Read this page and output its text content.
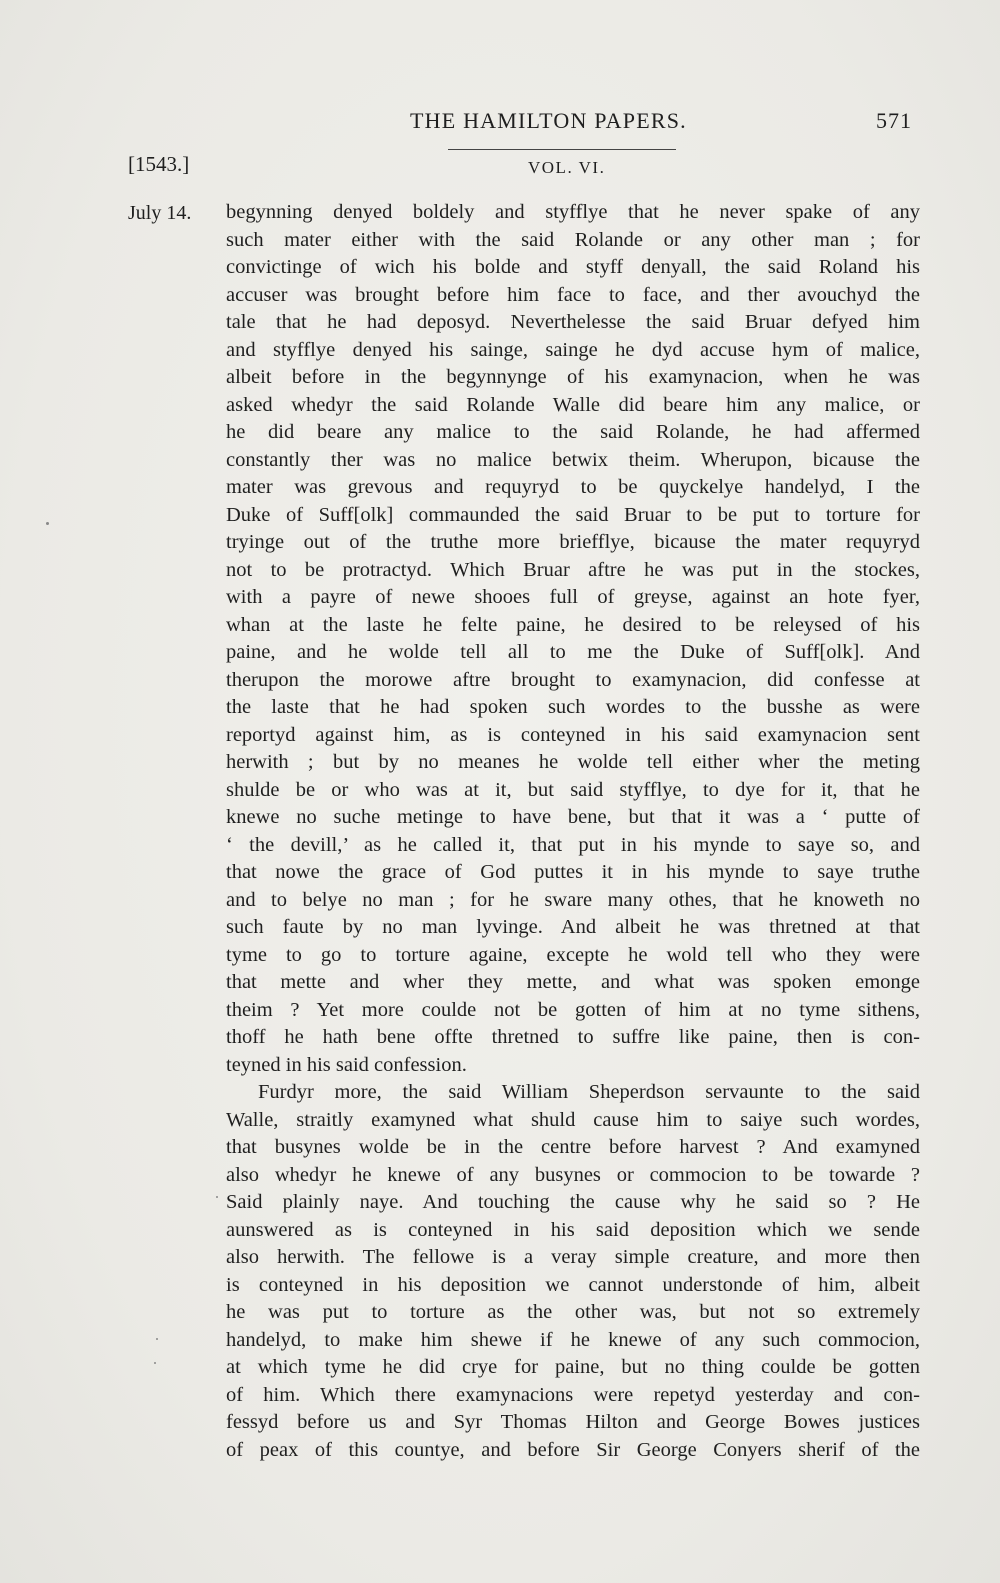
THE HAMILTON PAPERS.	571
[1543.]	VOL. VI.
July 14. begynning denyed boldely and styfflye that he never spake of any
such mater either with the said Rolande or any other man ; for
convictinge of wich his bolde and styff denyall, the said Roland his
accuser was brought before him face to face, and ther avouchyd the
tale that he had deposyd. Neverthelesse the said Bruar defyed him
and styfflye denyed his sainge, sainge he dyd accuse hym of malice,
albeit before in the begynnynge of his examynacion, when he was
asked whedyr the said Rolande Walle did beare him any malice, or
he did beare any malice to the said Rolande, he had affermed
constantly ther was no malice betwix theim. Wherupon, bicause the
mater was grevous and requyryd to be quyckelye handelyd, I the
Duke of Suff[olk] commaunded the said Bruar to be put to torture for
tryinge out of the truthe more briefflye, bicause the mater requyryd
not to be protractyd. Which Bruar aftre he was put in the stockes,
with a payre of newe shooes full of greyse, against an hote fyer,
whan at the laste he felte paine, he desired to be releysed of his
paine, and he wolde tell all to me the Duke of Suff[olk]. And
therupon the morowe aftre brought to examynacion, did confesse at
the laste that he had spoken such wordes to the busshe as were
reportyd against him, as is conteyned in his said examynacion sent
herwith ; but by no meanes he wolde tell either wher the meting
shulde be or who was at it, but said styfflye, to dye for it, that he
knewe no suche metinge to have bene, but that it was a ‘ putte of
‘ the devill,’ as he called it, that put in his mynde to saye so, and
that nowe the grace of God puttes it in his mynde to saye truthe
and to belye no man ; for he sware many othes, that he knoweth no
such faute by no man lyvinge. And albeit he was thretned at that
tyme to go to torture againe, excepte he wold tell who they were
that mette and wher they mette, and what was spoken emonge
theim ? Yet more coulde not be gotten of him at no tyme sithens,
thoff he hath bene offte thretned to suffre like paine, then is con-
teyned in his said confession.
Furdyr more, the said William Sheperdson servaunte to the said
Walle, straitly examyned what shuld cause him to saiye such wordes,
that busynes wolde be in the centre before harvest ? And examyned
also whedyr he knewe of any busynes or commocion to be towarde ?
Said plainly naye. And touching the cause why he said so ? He
aunswered as is conteyned in his said deposition which we sende
also herwith. The fellowe is a veray simple creature, and more then
is conteyned in his deposition we cannot understonde of him, albeit
he was put to torture as the other was, but not so extremely
handelyd, to make him shewe if he knewe of any such commocion,
at which tyme he did crye for paine, but no thing coulde be gotten
of him. Which there examynacions were repetyd yesterday and con-
fessyd before us and Syr Thomas Hilton and George Bowes justices
of peax of this countye, and before Sir George Conyers sherif of the
